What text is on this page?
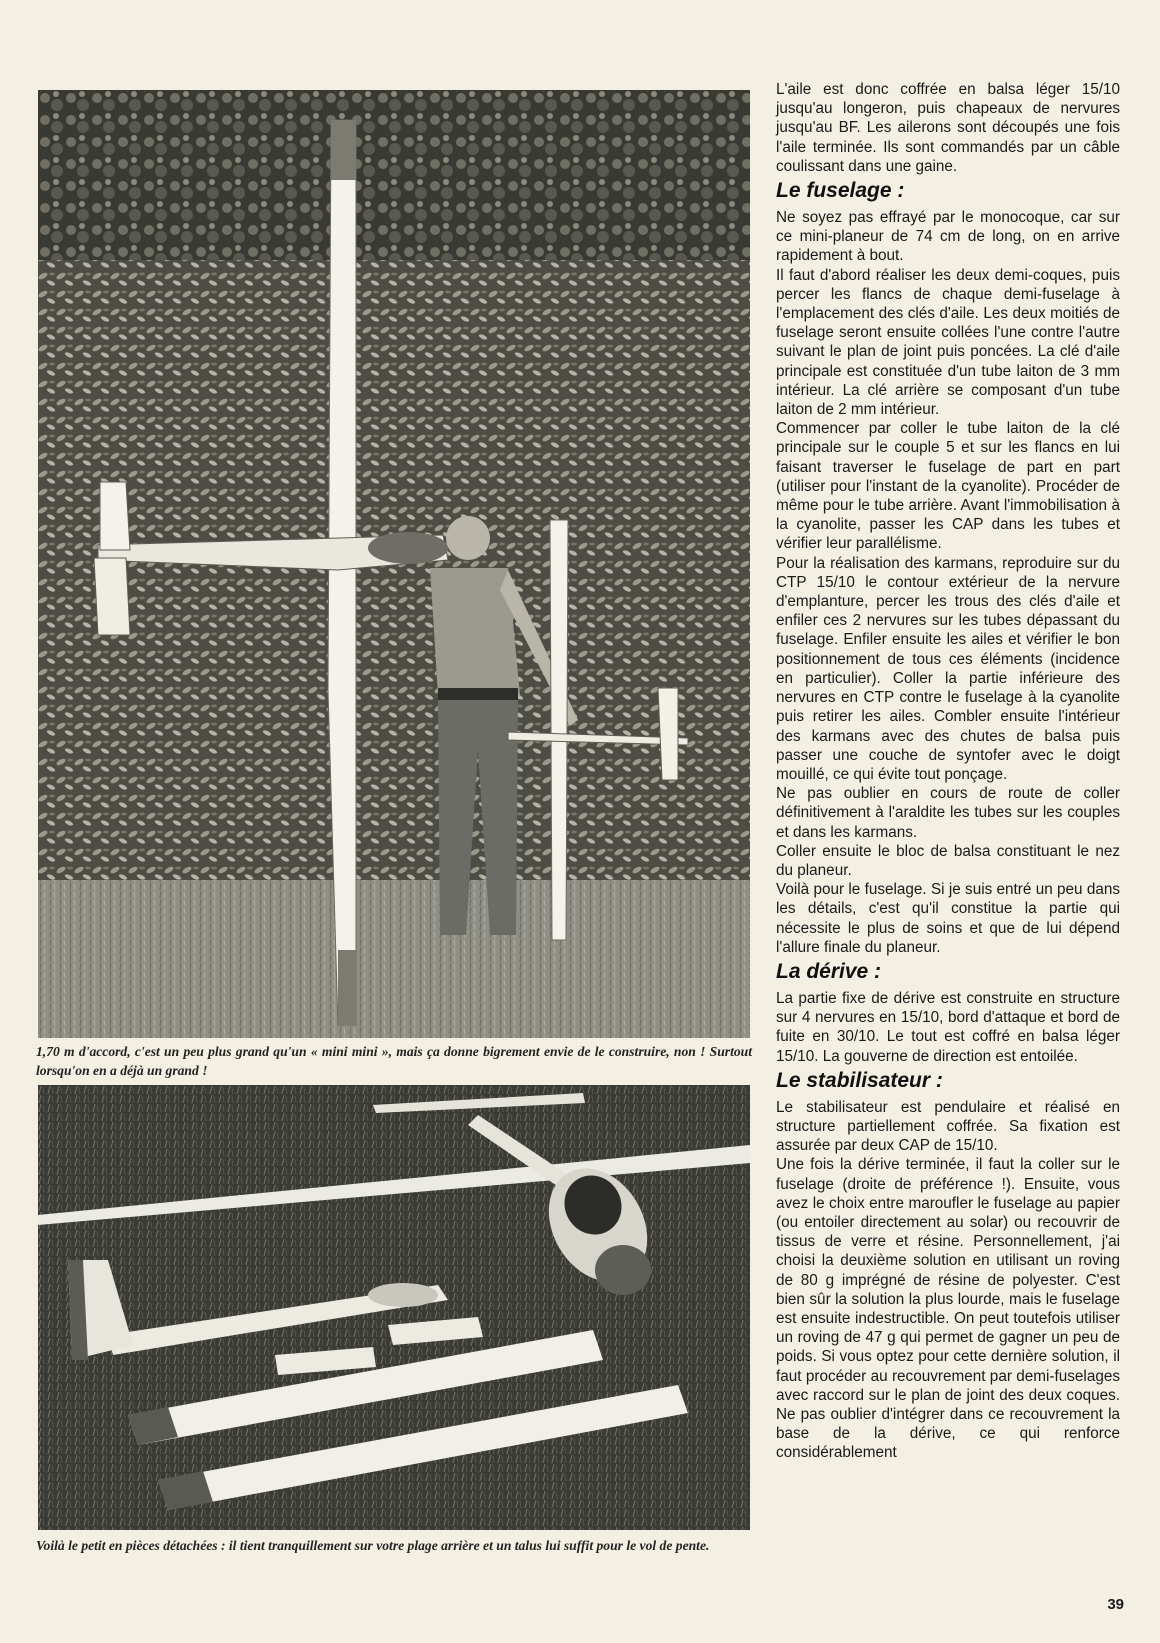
1,70 m d'accord, c'est un peu plus grand qu'un « mini mini », mais ça donne bigrement envie de le construire, non ! Surtout lorsqu'on en a déjà un grand !
Voilà le petit en pièces détachées : il tient tranquillement sur votre plage arrière et un talus lui suffit pour le vol de pente.

L'aile est donc coffrée en balsa léger 15/10 jusqu'au longeron, puis chapeaux de nervures jusqu'au BF. Les ailerons sont découpés une fois l'aile terminée. Ils sont commandés par un câble coulissant dans une gaine.

Le fuselage :

Ne soyez pas effrayé par le monocoque, car sur ce mini-planeur de 74 cm de long, on en arrive rapidement à bout.

Il faut d'abord réaliser les deux demi-coques, puis percer les flancs de chaque demi-fuselage à l'emplacement des clés d'aile. Les deux moitiés de fuselage seront ensuite collées l'une contre l'autre suivant le plan de joint puis poncées. La clé d'aile principale est constituée d'un tube laiton de 3 mm intérieur. La clé arrière se composant d'un tube laiton de 2 mm intérieur.

Commencer par coller le tube laiton de la clé principale sur le couple 5 et sur les flancs en lui faisant traverser le fuselage de part en part (utiliser pour l'instant de la cyanolite). Procéder de même pour le tube arrière. Avant l'immobilisation à la cyanolite, passer les CAP dans les tubes et vérifier leur parallélisme.

Pour la réalisation des karmans, reproduire sur du CTP 15/10 le contour extérieur de la nervure d'emplanture, percer les trous des clés d'aile et enfiler ces 2 nervures sur les tubes dépassant du fuselage. Enfiler ensuite les ailes et vérifier le bon positionnement de tous ces éléments (incidence en particulier). Coller la partie inférieure des nervures en CTP contre le fuselage à la cyanolite puis retirer les ailes. Combler ensuite l'intérieur des karmans avec des chutes de balsa puis passer une couche de syntofer avec le doigt mouillé, ce qui évite tout ponçage.

Ne pas oublier en cours de route de coller définitivement à l'araldite les tubes sur les couples et dans les karmans.

Coller ensuite le bloc de balsa constituant le nez du planeur.

Voilà pour le fuselage. Si je suis entré un peu dans les détails, c'est qu'il constitue la partie qui nécessite le plus de soins et que de lui dépend l'allure finale du planeur.

La dérive :

La partie fixe de dérive est construite en structure sur 4 nervures en 15/10, bord d'attaque et bord de fuite en 30/10. Le tout est coffré en balsa léger 15/10. La gouverne de direction est entoilée.

Le stabilisateur :

Le stabilisateur est pendulaire et réalisé en structure partiellement coffrée. Sa fixation est assurée par deux CAP de 15/10.

Une fois la dérive terminée, il faut la coller sur le fuselage (droite de préférence !). Ensuite, vous avez le choix entre maroufler le fuselage au papier (ou entoiler directement au solar) ou recouvrir de tissus de verre et résine. Personnellement, j'ai choisi la deuxième solution en utilisant un roving de 80 g imprégné de résine de polyester. C'est bien sûr la solution la plus lourde, mais le fuselage est ensuite indestructible. On peut toutefois utiliser un roving de 47 g qui permet de gagner un peu de poids. Si vous optez pour cette dernière solution, il faut procéder au recouvrement par demi-fuselages avec raccord sur le plan de joint des deux coques. Ne pas oublier d'intégrer dans ce recouvrement la base de la dérive, ce qui renforce considérablement

39
